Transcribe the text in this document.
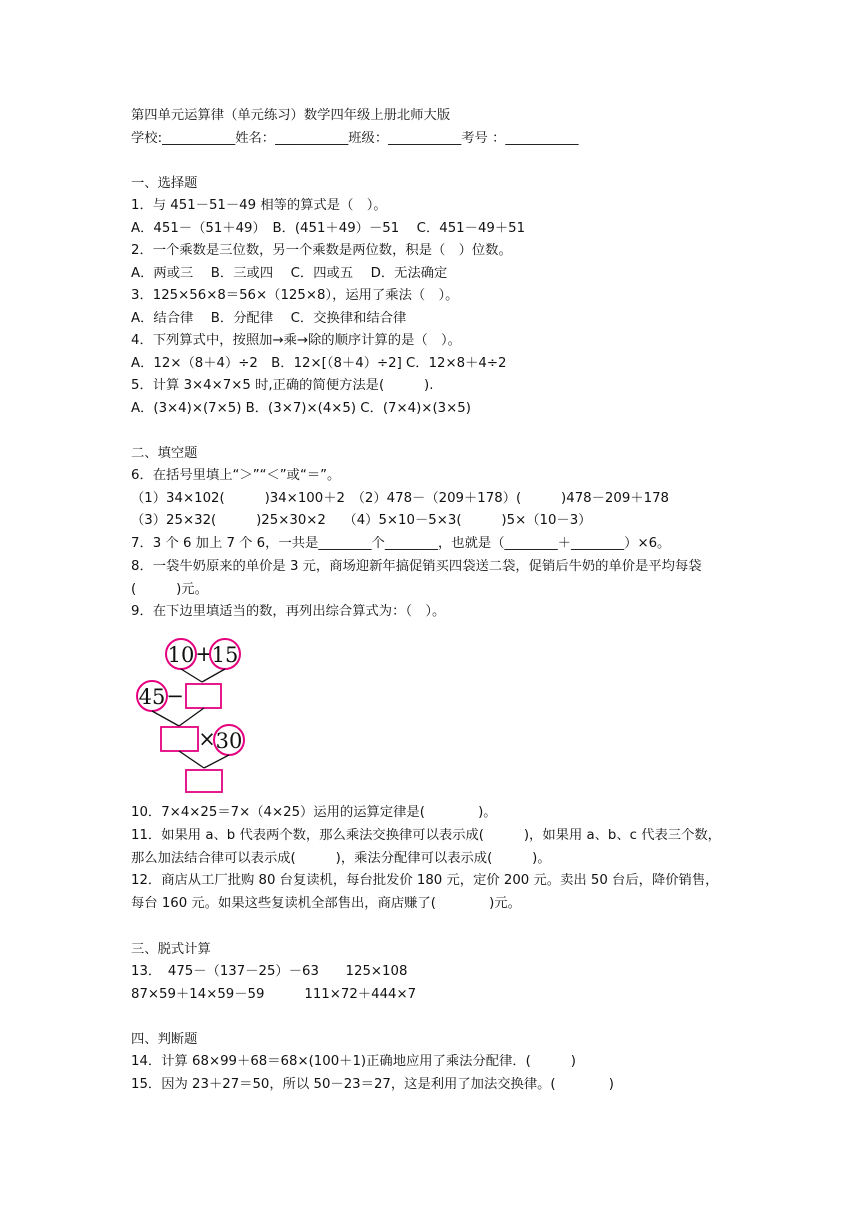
第四单元运算律（单元练习）数学四年级上册北师大版
学校:___________姓名：___________班级：___________考号 ：___________
一、选择题
1．与 451－51－49 相等的算式是（　）。
A．451－（51＋49）　B．(451＋49）－51　 C．451－49＋51
2．一个乘数是三位数，另一个乘数是两位数，积是（　）位数。
A．两或三　 B．三或四　 C．四或五　 D．无法确定
3．125×56×8＝56×（125×8），运用了乘法（　）。
A．结合律　 B．分配律　 C．交换律和结合律
4．下列算式中，按照加→乘→除的顺序计算的是（　）。
A．12×（8＋4）÷2　B．12×[（8＋4）÷2] C．12×8＋4÷2
5．计算 3×4×7×5 时,正确的简便方法是(　　　).
A．(3×4)×(7×5) B．(3×7)×(4×5) C．(7×4)×(3×5)
二、填空题
6．在括号里填上“＞”“＜”或“＝”。
（1）34×102(　　　)34×100＋2　（2）478－（209＋178）(　　　)478－209＋178
（3）25×32(　　　)25×30×2　 （4）5×10－5×3(　　　)5×（10－3）
7．3 个 6 加上 7 个 6，一共是________个________，也就是（________＋________）×6。
8．一袋牛奶原来的单价是 3 元，商场迎新年搞促销买四袋送二袋，促销后牛奶的单价是平均每袋(　　　)元。
9．在下边里填适当的数，再列出综合算式为：（　）。
10 +
15
45 −
× 30
10．7×4×25＝7×（4×25）运用的运算定律是(　　　　)。
11．如果用 a、b 代表两个数，那么乘法交换律可以表示成(　　　)，如果用 a、b、c 代表三个数，那么加法结合律可以表示成(　　　)，乘法分配律可以表示成(　　　)。
12．商店从工厂批购 80 台复读机，每台批发价 180 元，定价 200 元。卖出 50 台后，降价销售，每台 160 元。如果这些复读机全部售出，商店赚了(　　　　)元。
三、脱式计算
13．　475－（137－25）－63　　125×108
87×59＋14×59－59　　　111×72＋444×7
四、判断题
14．计算 68×99＋68＝68×(100＋1)正确地应用了乘法分配律．(　　　)
15．因为 23＋27＝50，所以 50－23＝27，这是利用了加法交换律。(　　　　)
